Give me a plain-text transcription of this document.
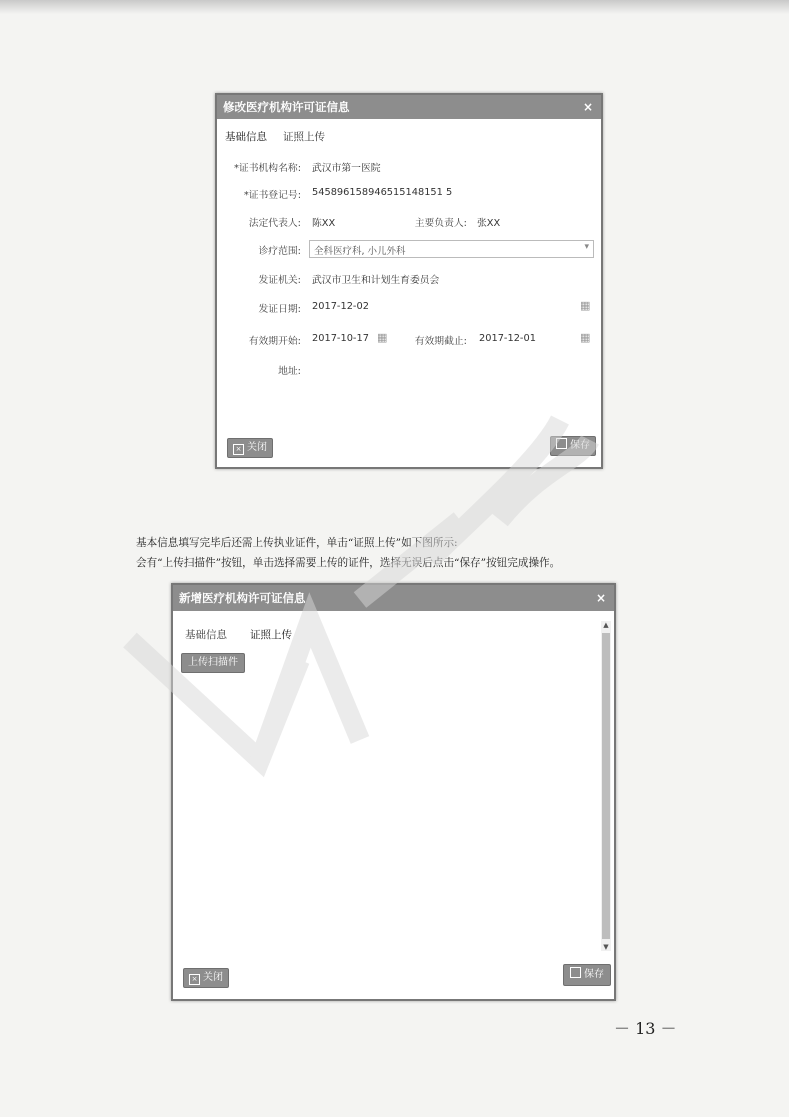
修改医疗机构许可证信息	×
基础信息 证照上传
*证书机构名称: 武汉市第一医院
*证书登记号: 545896158946515148151 5
法定代表人: 陈XX	主要负责人: 张XX
诊疗范围: 全科医疗科, 小儿外科	▾
发证机关: 武汉市卫生和计划生育委员会
发证日期: 2017-12-02	▦
有效期开始: 2017-10-17 ▦	有效期截止: 2017-12-01	▦
地址:
× 关闭	保存
基本信息填写完毕后还需上传执业证件，单击“证照上传”如下图所示:
会有“上传扫描件”按钮，单击选择需要上传的证件，选择无误后点击“保存”按钮完成操作。
新增医疗机构许可证信息	×
基础信息 证照上传
上传扫描件
▲
▼
× 关闭	保存
－ 13 －
